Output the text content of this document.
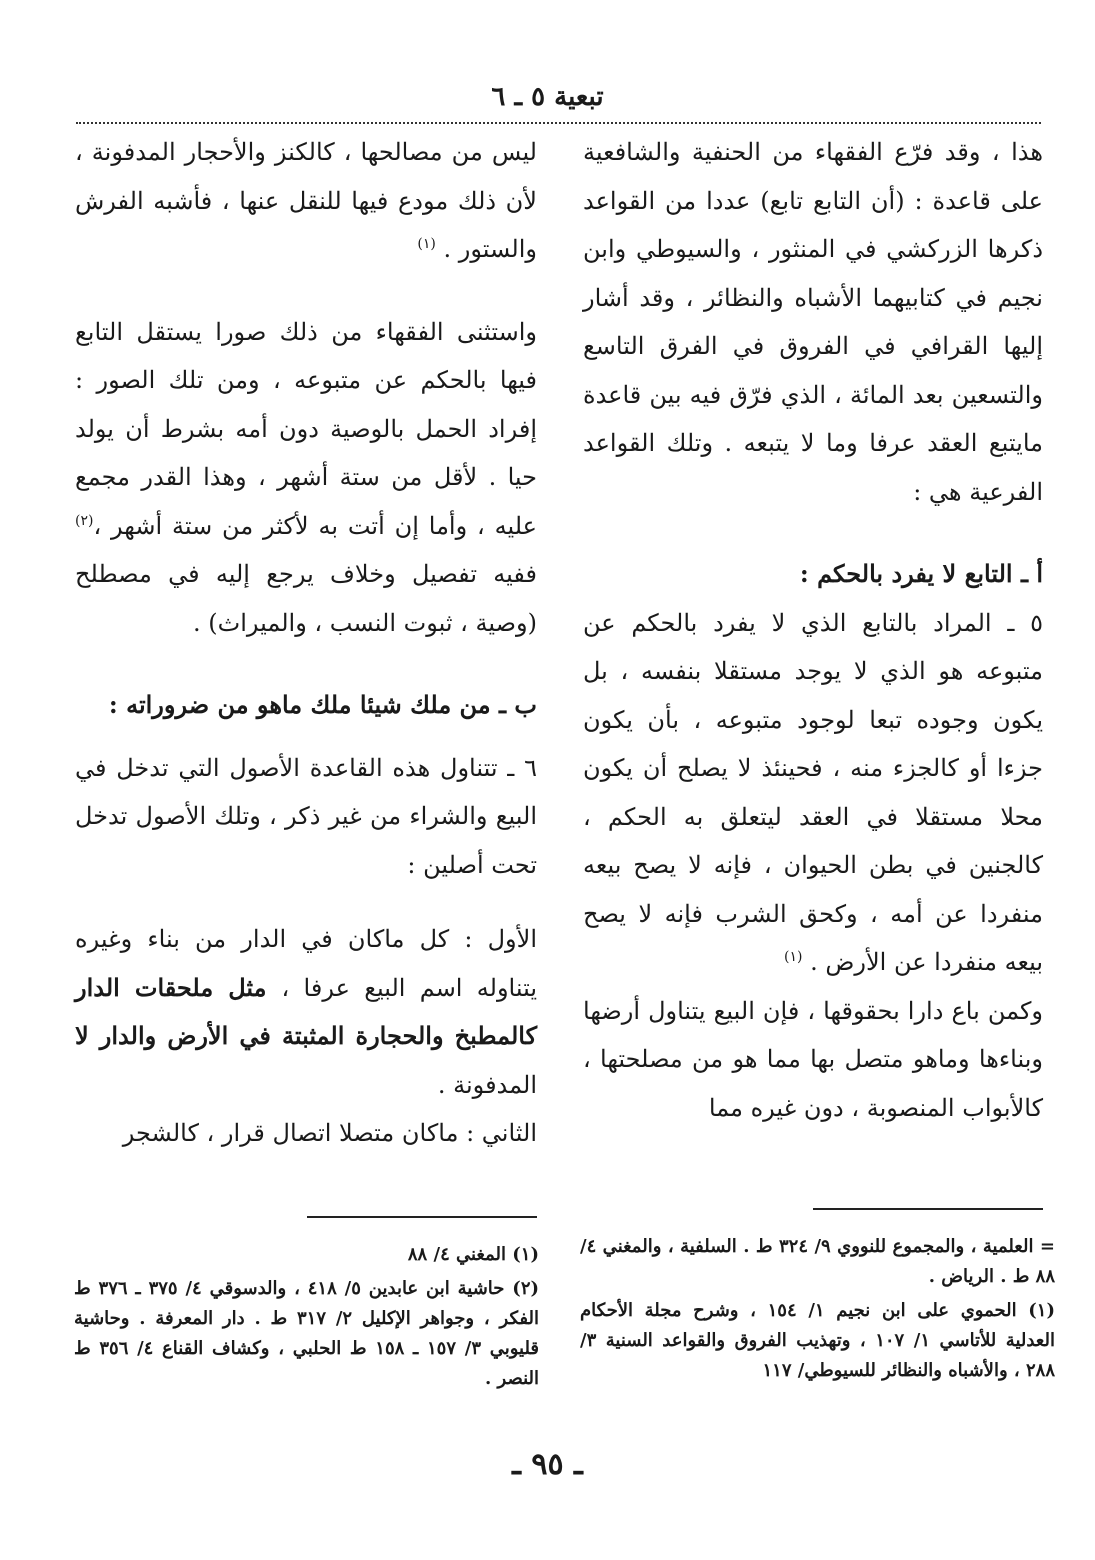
تبعية ٥ ـ ٦

هذا ، وقد فرّع الفقهاء من الحنفية والشافعية على قاعدة : (أن التابع تابع) عددا من القواعد ذكرها الزركشي في المنثور ، والسيوطي وابن نجيم في كتابيهما الأشباه والنظائر ، وقد أشار إليها القرافي في الفروق في الفرق التاسع والتسعين بعد المائة ، الذي فرّق فيه بين قاعدة مايتبع العقد عرفا وما لا يتبعه . وتلك القواعد الفرعية هي :

أ ـ التابع لا يفرد بالحكم :

٥ ـ المراد بالتابع الذي لا يفرد بالحكم عن متبوعه هو الذي لا يوجد مستقلا بنفسه ، بل يكون وجوده تبعا لوجود متبوعه ، بأن يكون جزءا أو كالجزء منه ، فحينئذ لا يصلح أن يكون محلا مستقلا في العقد ليتعلق به الحكم ، كالجنين في بطن الحيوان ، فإنه لا يصح بيعه منفردا عن أمه ، وكحق الشرب فإنه لا يصح بيعه منفردا عن الأرض . $^{(١)}$

وكمن باع دارا بحقوقها ، فإن البيع يتناول أرضها وبناءها وماهو متصل بها مما هو من مصلحتها ، كالأبواب المنصوبة ، دون غيره مما

ليس من مصالحها ، كالكنز والأحجار المدفونة ، لأن ذلك مودع فيها للنقل عنها ، فأشبه الفرش والستور . $^{(١)}$

واستثنى الفقهاء من ذلك صورا يستقل التابع فيها بالحكم عن متبوعه ، ومن تلك الصور : إفراد الحمل بالوصية دون أمه بشرط أن يولد حيا . لأقل من ستة أشهر ، وهذا القدر مجمع عليه ، وأما إن أتت به لأكثر من ستة أشهر ،$^{(٢)}$ ففيه تفصيل وخلاف يرجع إليه في مصطلح (وصية ، ثبوت النسب ، والميراث) .

ب ـ من ملك شيئا ملك ماهو من ضروراته :

٦ ـ تتناول هذه القاعدة الأصول التي تدخل في البيع والشراء من غير ذكر ، وتلك الأصول تدخل تحت أصلين :

الأول : كل ماكان في الدار من بناء وغيره يتناوله اسم البيع عرفا ، مثل ملحقات الدار كالمطبخ والحجارة المثبتة في الأرض والدار لا المدفونة .

الثاني : ماكان متصلا اتصال قرار ، كالشجر

= العلمية ، والمجموع للنووي ٩/ ٣٢٤ ط . السلفية ، والمغني ٤/ ٨٨ ط . الرياض .

(١) الحموي على ابن نجيم ١/ ١٥٤ ، وشرح مجلة الأحكام العدلية للأتاسي ١/ ١٠٧ ، وتهذيب الفروق والقواعد السنية ٣/ ٢٨٨ ، والأشباه والنظائر للسيوطي/ ١١٧

(١) المغني ٤/ ٨٨

(٢) حاشية ابن عابدين ٥/ ٤١٨ ، والدسوقي ٤/ ٣٧٥ ـ ٣٧٦ ط الفكر ، وجواهر الإكليل ٢/ ٣١٧ ط . دار المعرفة . وحاشية قليوبي ٣/ ١٥٧ ـ ١٥٨ ط الحلبي ، وكشاف القناع ٤/ ٣٥٦ ط النصر .

ـ ٩٥ ـ
